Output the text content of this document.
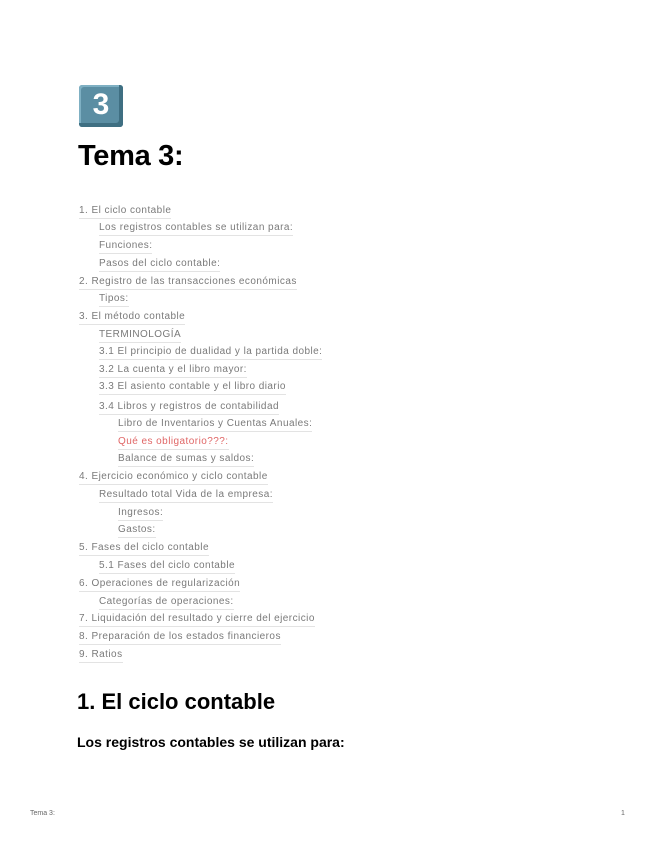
3
Tema 3:
1. El ciclo contable
Los registros contables se utilizan para:
Funciones:
Pasos del ciclo contable:
2. Registro de las transacciones económicas
Tipos:
3. El método contable
TERMINOLOGÍA
3.1 El principio de dualidad y la partida doble:
3.2 La cuenta y el libro mayor:
3.3 El asiento contable y el libro diario
3.4 Libros y registros de contabilidad
Libro de Inventarios y Cuentas Anuales:
Qué es obligatorio???:
Balance de sumas y saldos:
4. Ejercicio económico y ciclo contable
Resultado total Vida de la empresa:
Ingresos:
Gastos:
5. Fases del ciclo contable
5.1 Fases del ciclo contable
6. Operaciones de regularización
Categorías de operaciones:
7. Liquidación del resultado y cierre del ejercicio
8. Preparación de los estados financieros
9. Ratios
1. El ciclo contable
Los registros contables se utilizan para:
Tema 3:	1
